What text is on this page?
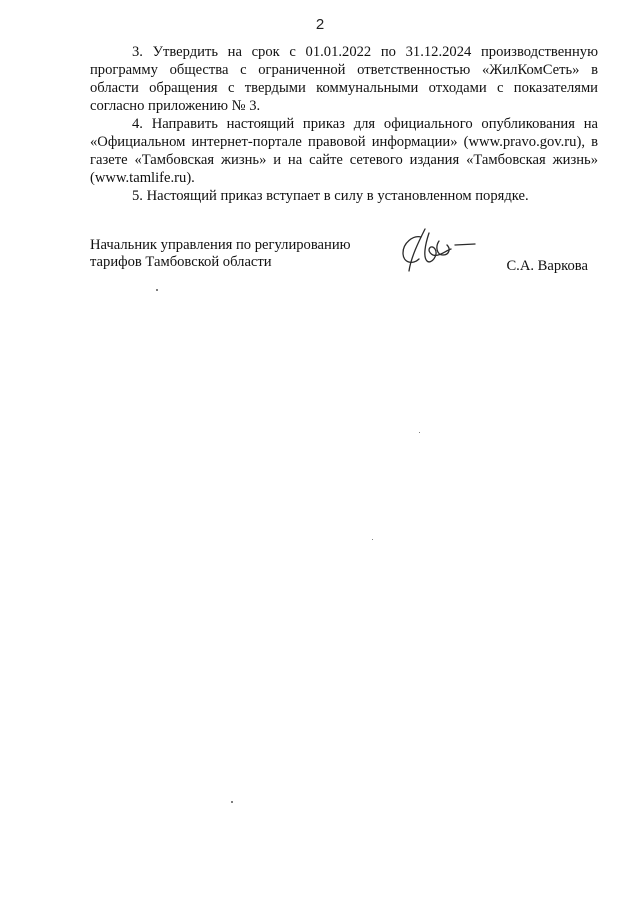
2

3. Утвердить на срок с 01.01.2022 по 31.12.2024 производственную программу общества с ограниченной ответственностью «ЖилКомСеть» в области обращения с твердыми коммунальными отходами с показателями согласно приложению № 3.

4. Направить настоящий приказ для официального опубликования на «Официальном интернет-портале правовой информации» (www.pravo.gov.ru), в газете «Тамбовская жизнь» и на сайте сетевого издания «Тамбовская жизнь» (www.tamlife.ru).

5. Настоящий приказ вступает в силу в установленном порядке.

Начальник управления по регулированию
тарифов Тамбовской области	С.А. Варкова
